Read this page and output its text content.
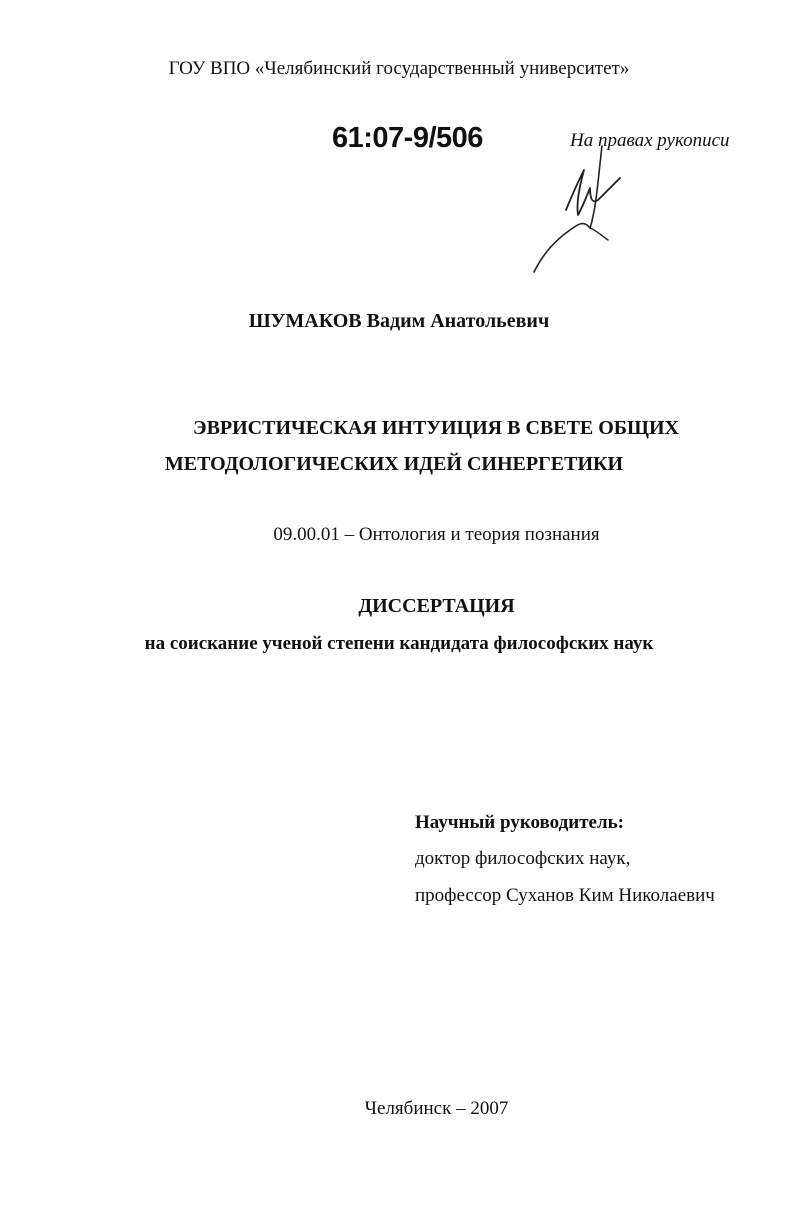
ГОУ ВПО «Челябинский государственный университет»
61:07-9/506	На правах рукописи
ШУМАКОВ Вадим Анатольевич
ЭВРИСТИЧЕСКАЯ ИНТУИЦИЯ В СВЕТЕ ОБЩИХ
МЕТОДОЛОГИЧЕСКИХ ИДЕЙ СИНЕРГЕТИКИ
09.00.01 – Онтология и теория познания
ДИССЕРТАЦИЯ
на соискание ученой степени кандидата философских наук
Научный руководитель:
доктор философских наук,
профессор Суханов Ким Николаевич
Челябинск – 2007
